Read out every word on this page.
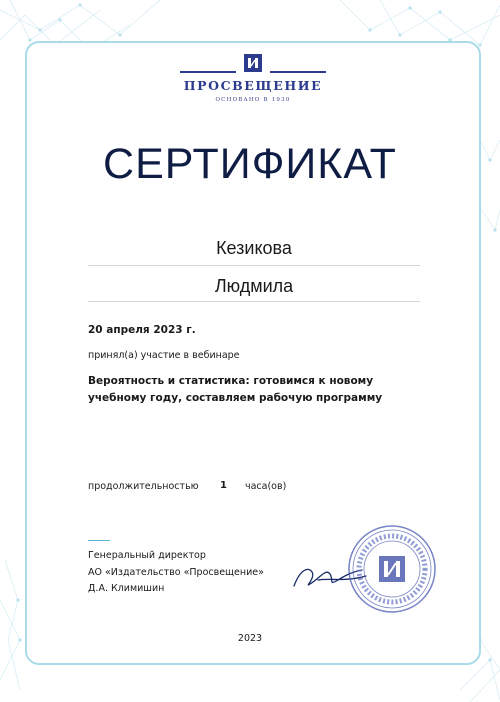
ПРОСВЕЩЕНИЕ
ОСНОВАНО В 1930
СЕРТИФИКАТ
Кезикова
Людмила
20 апреля 2023 г.
принял(а) участие в вебинаре
Вероятность и статистика: готовимся к новому учебному году, составляем рабочую программу
продолжительностью 1 часа(ов)
Генеральный директор
АО «Издательство «Просвещение»
Д.А. Климишин
2023
